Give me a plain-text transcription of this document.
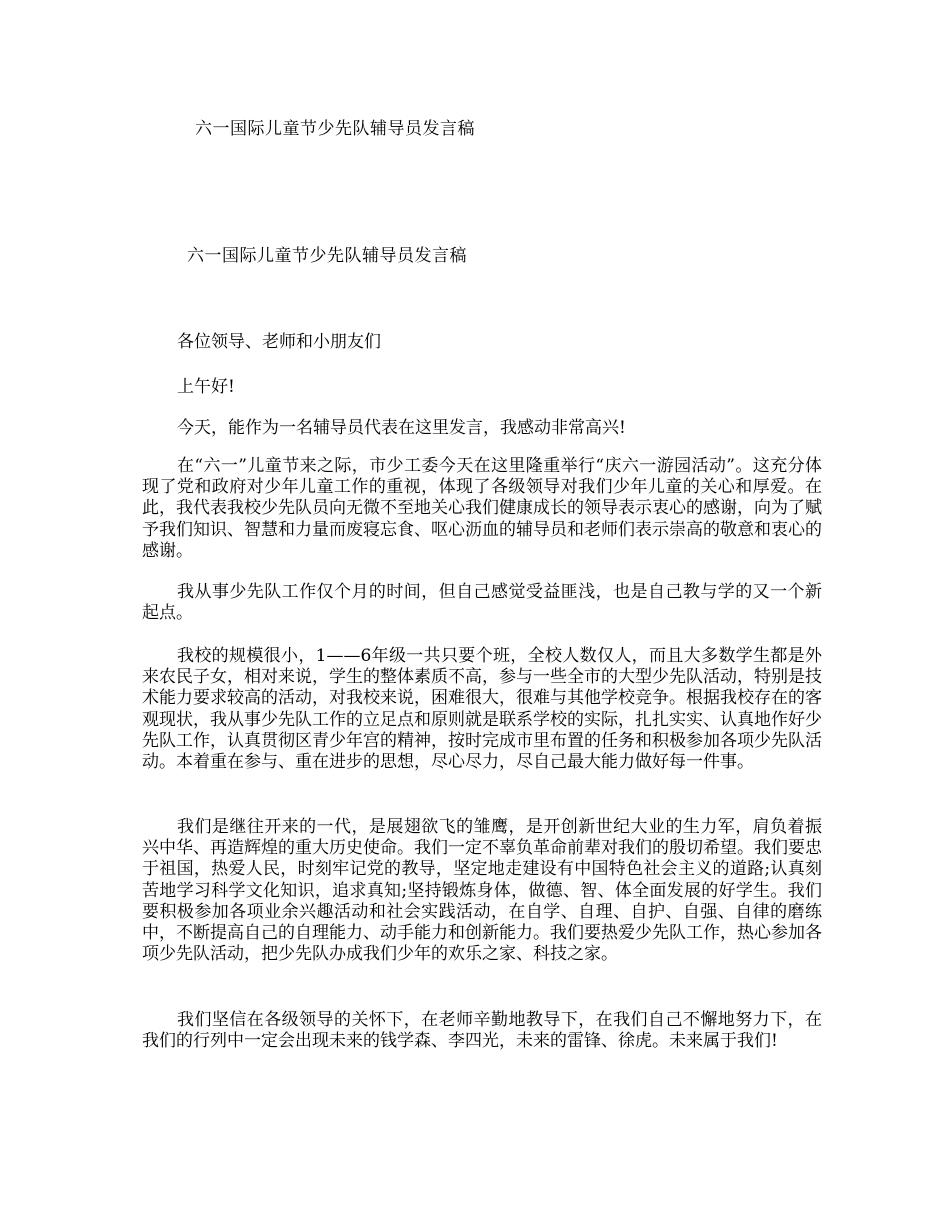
六一国际儿童节少先队辅导员发言稿
六一国际儿童节少先队辅导员发言稿
各位领导、老师和小朋友们
上午好!
今天，能作为一名辅导员代表在这里发言，我感动非常高兴!
在“六一”儿童节来之际，市少工委今天在这里隆重举行“庆六一游园活动”。这充分体现了党和政府对少年儿童工作的重视，体现了各级领导对我们少年儿童的关心和厚爱。在此，我代表我校少先队员向无微不至地关心我们健康成长的领导表示衷心的感谢，向为了赋予我们知识、智慧和力量而废寝忘食、呕心沥血的辅导员和老师们表示崇高的敬意和衷心的感谢。
我从事少先队工作仅个月的时间，但自己感觉受益匪浅，也是自己教与学的又一个新起点。
我校的规模很小，1——6年级一共只要个班，全校人数仅人，而且大多数学生都是外来农民子女，相对来说，学生的整体素质不高，参与一些全市的大型少先队活动，特别是技术能力要求较高的活动，对我校来说，困难很大，很难与其他学校竞争。根据我校存在的客观现状，我从事少先队工作的立足点和原则就是联系学校的实际，扎扎实实、认真地作好少先队工作，认真贯彻区青少年宫的精神，按时完成市里布置的任务和积极参加各项少先队活动。本着重在参与、重在进步的思想，尽心尽力，尽自己最大能力做好每一件事。
我们是继往开来的一代，是展翅欲飞的雏鹰，是开创新世纪大业的生力军，肩负着振兴中华、再造辉煌的重大历史使命。我们一定不辜负革命前辈对我们的殷切希望。我们要忠于祖国，热爱人民，时刻牢记党的教导，坚定地走建设有中国特色社会主义的道路;认真刻苦地学习科学文化知识，追求真知;坚持锻炼身体，做德、智、体全面发展的好学生。我们要积极参加各项业余兴趣活动和社会实践活动，在自学、自理、自护、自强、自律的磨练中，不断提高自己的自理能力、动手能力和创新能力。我们要热爱少先队工作，热心参加各项少先队活动，把少先队办成我们少年的欢乐之家、科技之家。
我们坚信在各级领导的关怀下，在老师辛勤地教导下，在我们自己不懈地努力下，在我们的行列中一定会出现未来的钱学森、李四光，未来的雷锋、徐虎。未来属于我们!
